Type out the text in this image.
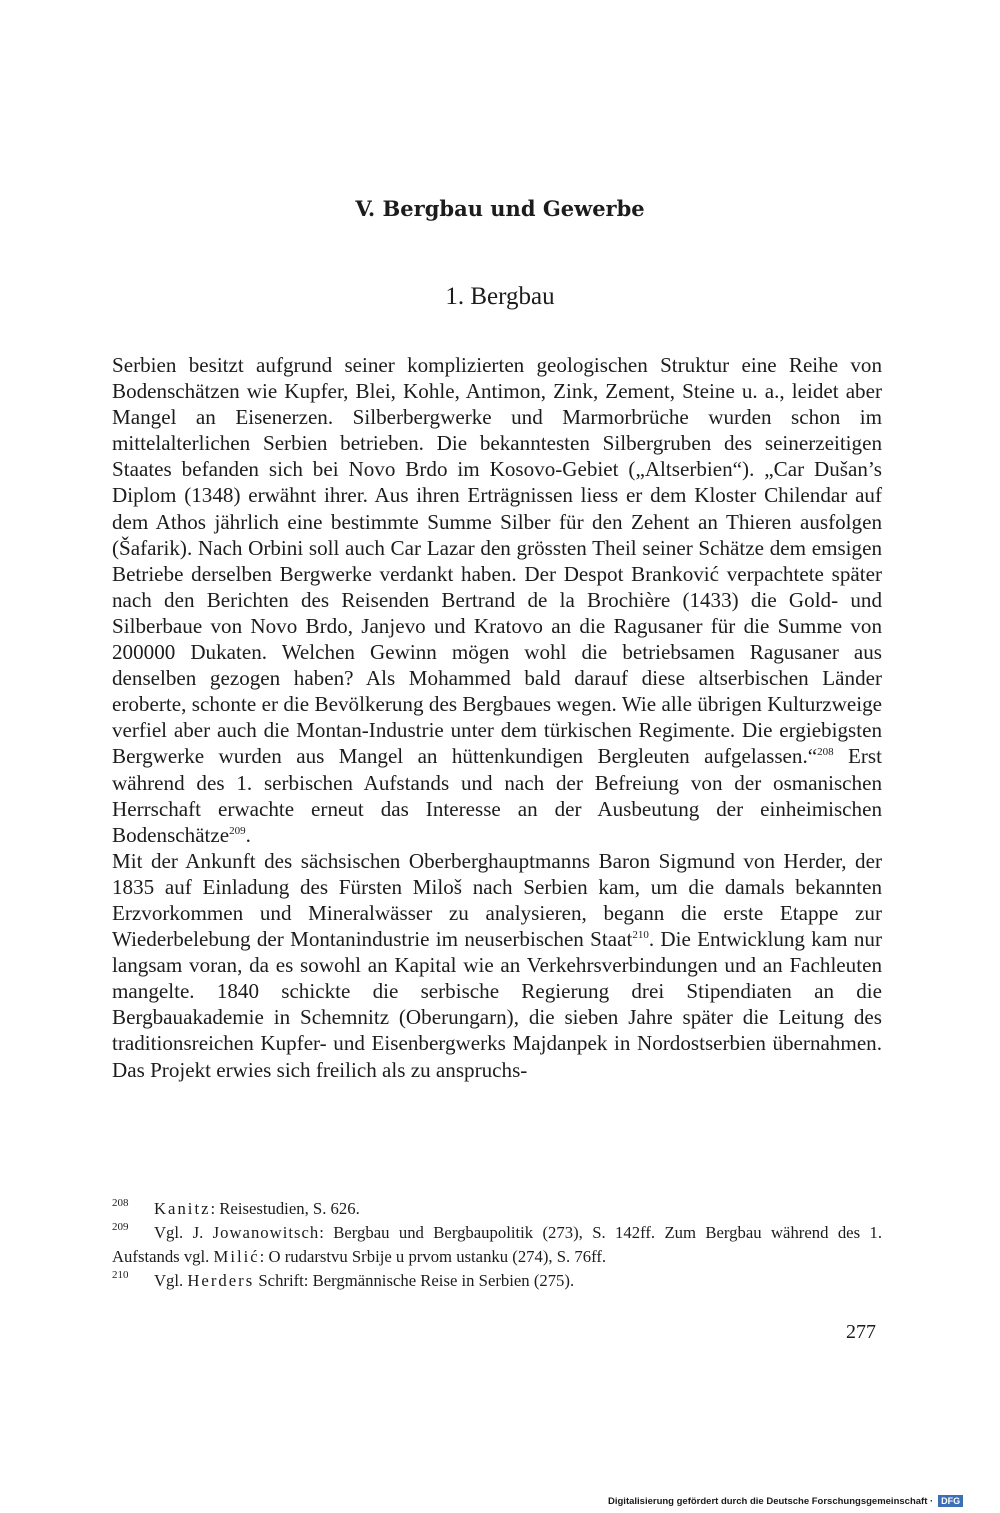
V. Bergbau und Gewerbe
1. Bergbau

Serbien besitzt aufgrund seiner komplizierten geologischen Struktur eine Reihe von Bodenschätzen wie Kupfer, Blei, Kohle, Antimon, Zink, Zement, Steine u. a., leidet aber Mangel an Eisenerzen. Silberbergwerke und Marmorbrüche wurden schon im mittelalterlichen Serbien betrieben. Die bekanntesten Silbergruben des seinerzeitigen Staates befanden sich bei Novo Brdo im Kosovo-Gebiet („Altserbien“). „Car Dušan’s Diplom (1348) erwähnt ihrer. Aus ihren Erträgnissen liess er dem Kloster Chilendar auf dem Athos jährlich eine bestimmte Summe Silber für den Zehent an Thieren ausfolgen (Šafarik). Nach Orbini soll auch Car Lazar den grössten Theil seiner Schätze dem emsigen Betriebe derselben Bergwerke verdankt haben. Der Despot Branković verpachtete später nach den Berichten des Reisenden Bertrand de la Brochière (1433) die Gold- und Silberbaue von Novo Brdo, Janjevo und Kratovo an die Ragusaner für die Summe von 200000 Dukaten. Welchen Gewinn mögen wohl die betriebsamen Ragusaner aus denselben gezogen haben? Als Mohammed bald darauf diese altserbischen Länder eroberte, schonte er die Bevölkerung des Bergbaues wegen. Wie alle übrigen Kulturzweige verfiel aber auch die Montan-Industrie unter dem türkischen Regimente. Die ergiebigsten Bergwerke wurden aus Mangel an hüttenkundigen Bergleuten aufgelassen.“$^{208}$ Erst während des 1. serbischen Aufstands und nach der Befreiung von der osmanischen Herrschaft erwachte erneut das Interesse an der Ausbeutung der einheimischen Bodenschätze$^{209}$.

Mit der Ankunft des sächsischen Oberberghauptmanns Baron Sigmund von Herder, der 1835 auf Einladung des Fürsten Miloš nach Serbien kam, um die damals bekannten Erzvorkommen und Mineralwässer zu analysieren, begann die erste Etappe zur Wiederbelebung der Montanindustrie im neuserbischen Staat$^{210}$. Die Entwicklung kam nur langsam voran, da es sowohl an Kapital wie an Verkehrsverbindungen und an Fachleuten mangelte. 1840 schickte die serbische Regierung drei Stipendiaten an die Bergbauakademie in Schemnitz (Oberungarn), die sieben Jahre später die Leitung des traditionsreichen Kupfer- und Eisenbergwerks Majdanpek in Nordostserbien übernahmen. Das Projekt erwies sich freilich als zu anspruchs-

$^{208}$ Kanitz: Reisestudien, S. 626.

$^{209}$ Vgl. J. Jowanowitsch: Bergbau und Bergbaupolitik (273), S. 142ff. Zum Bergbau während des 1. Aufstands vgl. Milić: O rudarstvu Srbije u prvom ustanku (274), S. 76ff.

$^{210}$ Vgl. Herders Schrift: Bergmännische Reise in Serbien (275).

277
Digitalisierung gefördert durch die Deutsche Forschungsgemeinschaft · DFG
